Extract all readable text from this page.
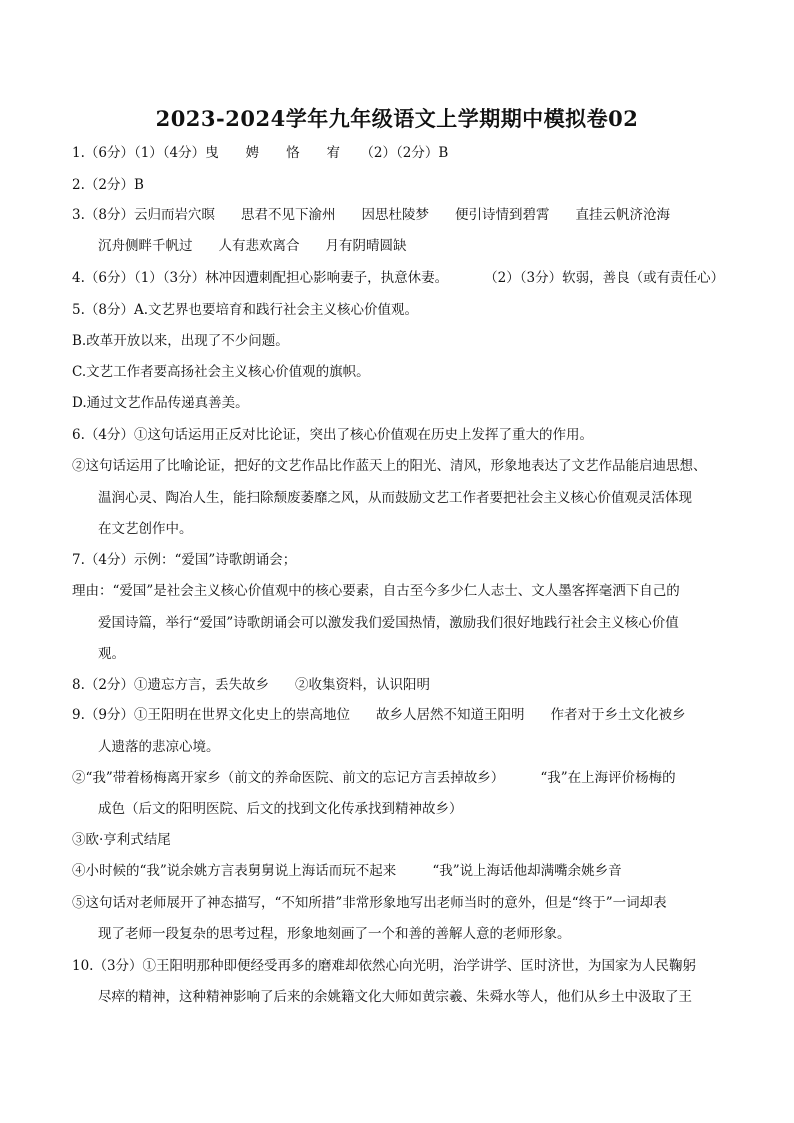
2023-2024学年九年级语文上学期期中模拟卷02
1.（6分）（1）（4分）曳　　娉　　恪　　宥　　（2）（2分）B
2.（2分）B
3.（8分）云归而岩穴暝 思君不见下渝州 因思杜陵梦 便引诗情到碧霄 直挂云帆济沧海
沉舟侧畔千帆过 人有悲欢离合 月有阴晴圆缺
4.（6分）（1）（3分）林冲因遭刺配担心影响妻子，执意休妻。	（2）（3分）软弱，善良（或有责任心）
5.（8分）A.文艺界也要培育和践行社会主义核心价值观。
B.改革开放以来，出现了不少问题。
C.文艺工作者要高扬社会主义核心价值观的旗帜。
D.通过文艺作品传递真善美。
6.（4分）①这句话运用正反对比论证，突出了核心价值观在历史上发挥了重大的作用。
②这句话运用了比喻论证，把好的文艺作品比作蓝天上的阳光、清风，形象地表达了文艺作品能启迪思想、
温润心灵、陶冶人生，能扫除颓废萎靡之风，从而鼓励文艺工作者要把社会主义核心价值观灵活体现
在文艺创作中。
7.（4分）示例：“爱国”诗歌朗诵会；
理由：“爱国”是社会主义核心价值观中的核心要素，自古至今多少仁人志士、文人墨客挥毫洒下自己的
爱国诗篇，举行“爱国”诗歌朗诵会可以激发我们爱国热情，激励我们很好地践行社会主义核心价值
观。
8.（2分）①遗忘方言，丢失故乡 ②收集资料，认识阳明
9.（9分）①王阳明在世界文化史上的崇高地位 故乡人居然不知道王阳明 作者对于乡土文化被乡
人遗落的悲凉心境。
②“我”带着杨梅离开家乡（前文的养命医院、前文的忘记方言丢掉故乡）	“我”在上海评价杨梅的
成色（后文的阳明医院、后文的找到文化传承找到精神故乡）
③欧·亨利式结尾
④小时候的“我”说余姚方言表舅舅说上海话而玩不起来	“我”说上海话他却满嘴余姚乡音
⑤这句话对老师展开了神态描写，“不知所措”非常形象地写出老师当时的意外，但是“终于”一词却表
现了老师一段复杂的思考过程，形象地刻画了一个和善的善解人意的老师形象。
10.（3分）①王阳明那种即便经受再多的磨难却依然心向光明，治学讲学、匡时济世，为国家为人民鞠躬
尽瘁的精神，这种精神影响了后来的余姚籍文化大师如黄宗羲、朱舜水等人，他们从乡土中汲取了王
